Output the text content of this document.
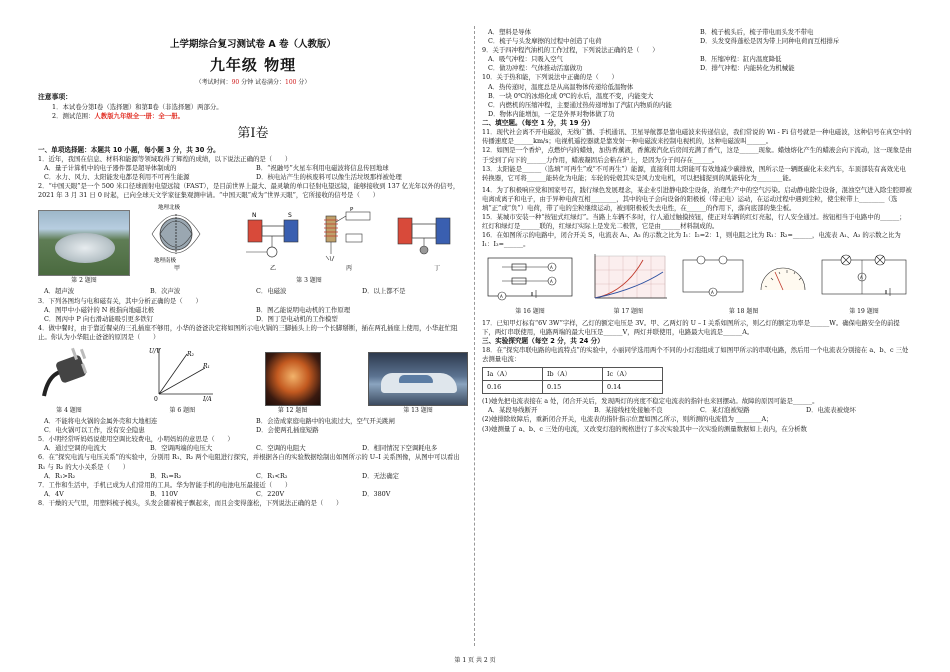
上学期综合复习测试卷 A 卷（人教版）
九年级 物理
（考试时间：90 分钟 试卷满分：100 分）
注意事项：
1．本试卷分第Ⅰ卷（选择题）和第Ⅱ卷（非选择题）两部分。
2．测试范围：人教版九年级全一册：全一册。
第Ⅰ卷
一、单项选择题：本题共 10 小题，每小题 3 分，共 30 分。
1．近年，我国在信息、材料和能源等领域取得了辉煌的成绩，以下说法正确的是（　　）
A．量子计算机中的电子器件都是超导体制成的	B．“祝融号”火星车利用电磁波将信息传回地球
C．水力、风力、太阳能发电都是利用不可再生能源	D．核电站产生的核废料可以像生活垃圾那样被处理
2．“中国天眼”是一个 500 米口径球面射电望远镜（FAST），是目前世界上最大、最灵敏的单口径射电望远镜，能够接收到 137 亿光年以外的信号，2021 年 3 月 31 日 0 时起，已向全球天文学家征集观测申请。“中国天眼”成为“世界天眼”，它所接收的信号是（　　）
第 2 题图
地理北极
地理南极
甲
N	S
乙
P
丙	丁
第 3 题图
A．超声波	B．次声波	C．电磁波	D．以上都不是
3．下列各图均与电和磁有关，其中分析正确的是（　　）
A．图甲中小磁针的 N 极指向地磁北极	B．图乙能说明电动机的工作原理
C．图丙中 P 向右滑动能吸引更多铁钉	D．图丁是电动机的工作模型
4．做中餐时，由于靠近餐桌的三孔插座不够用，小华的爸爸决定将如图所示电火锅的三脚插头上的一个长脚掰断，插在两孔插座上使用，小华赶忙阻止。你认为小华阻止爸爸的原因是（　　）
第 4 题图
U/V
I/A
R₂
R₁
0
第 6 题图	第 12 题图	第 13 题图
A．不能将电火锅的金属外壳和大地相连	B．会造成家庭电路中的电流过大，空气开关跳闸
C．电火锅可以工作，没有安全隐患	D．会使两孔插座短路
5．小明经常听妈妈说使用空调比较费电，小明妈妈的意思是（　　）
A．通过空调的电流大	B．空调两端的电压大	C．空调的电阻大	D．相同情况下空调耗电多
6．在“探究电流与电压关系”的实验中，分别用 R₁、R₂ 两个电阻进行探究，并根据各自的实验数据绘制出如图所示的 U–I 关系图像，从图中可以看出 R₁ 与 R₂ 的大小关系是（　　）
A．R₁>R₂	B．R₁=R₂	C．R₁<R₂	D．无法确定
7．工作和生活中，手机已成为人们常用的工具。华为智能手机的电池电压最接近（　　）
A．4V	B．110V	C．220V	D．380V
8．干燥的天气里，用塑料梳子梳头，头发会随着梳子飘起来，而且会变得蓬松，下列说法正确的是（　　）
A．塑料是导体	B．梳子梳头后，梳子带电而头发不带电
C．梳子与头发摩擦的过程中创造了电荷	D．头发变得蓬松是因为带上同种电荷而互相排斥
9．关于四冲程汽油机的工作过程，下列说法正确的是（　　）
A．吸气冲程：只吸入空气	B．压缩冲程：缸内温度降低
C．做功冲程：气体推动活塞做功	D．排气冲程：内能转化为机械能
10．关于热和能，下列说法中正确的是（　　）
A．热传递时，温度总是从高温物体传递给低温物体
B．一块 0℃的冰熔化成 0℃的水后，温度不变，内能变大
C．内燃机的压缩冲程，主要通过热传递增加了汽缸内物质的内能
D．物体内能增加，一定是外界对物体做了功
二、填空题。（每空 1 分，共 19 分）
11．现代社会离不开电磁波，无线广播、手机通讯、卫星导航都是靠电磁波来传递信息，我们常说的 Wi - Fi 信号就是一种电磁波，这种信号在真空中的传播速度是______km/s；电视机遥控器就是靠发射一种电磁波来控制电视机的，这种电磁波叫______。
12．如图是一个香炉，点燃炉内的蜡烛，加热香薰液，香薰液汽化后房间充满了香气，这是______现象。蜡烛熔化产生的蜡液会向下流动，这一现象是由于受到了向下的______力作用，蜡液凝固后会粘在炉上，是因为分子间存在______。
13．太阳能是______（选填“可再生”或“不可再生”）能源，直接利用太阳能可有效地减少碳排放，图所示是一辆既碳化未来汽车，车顶部装有高效光电转换器，它可将______能转化为电能；车轮的轮毂其实是风力发电机，可以把捕捉到的风能转化为________能。
14．为了积极响应党和国家号召，践行绿色发展理念，某企业引进静电除尘设备，治理生产中的空气污染。启动静电除尘设备，混浊空气进入除尘腔即被电离成离子和电子，由于异种电荷互相________，其中的电子会向设备的阳极板（带正电）运动，在运动过程中遇到尘粒，使尘粒带上________（选填“正”或“负”）电荷，带了电的尘粒继续运动，被到阳极板失去电性，在______的作用下，落向底部的集尘板。
15．某城市安装一种“按钮式红绿灯”。当路上车辆不多时，行人通过触摸按钮，使正对车辆的红灯亮起，行人安全通过。按钮相当于电路中的______；红灯和绿灯是______联的，红绿灯实际上是发光二极管，它是由______材料制成的。
16．在如图所示的电路中，闭合开关 S，电流表 A₁、A₂ 的示数之比为 I₁：I₂=2：1，则电阻之比为 R₁：R₂=______，电流表 A₁、A₃ 的示数之比为 I₁：I₃=______。
A
A
A
第 16 题图	第 17 题图
A
第 18 题图
A
第 19 题图
17．已知甲灯标有“6V 3W”字样，乙灯的额定电压是 3V。甲、乙两灯的 U – I 关系如图所示，则乙灯的额定功率是______W。确保电路安全的前提下，两灯串联使用，电路两端的最大电压是______V，两灯并联使用，电路最大电流是______A。
三、实验探究题（每空 2 分，共 24 分）
18．在“探究串联电路的电流特点”的实验中，小丽同学选用两个不同的小灯泡组成了如图甲所示的串联电路，然后用一个电流表分别接在 a、b、c 三处去测量电流：
Ia（A）	Ib（A）	Ic（A）
0.16	0.15	0.14
(1)她先把电流表接在 a 处，闭合开关后，发现两灯的亮度不稳定电流表的指针也来回摆动。故障的原因可能是______。
A．某段导线断开	B．某接线柱处接触不良	C．某灯泡被短路	D．电流表被烧坏
(2)她排除故障后，重新闭合开关，电流表的指针指示位置如图乙所示，则所测的电流值为 ________A；
(3)她测量了 a、b、c 三处的电流，又改变灯泡的规格进行了多次实验其中一次实验的测量数据如上表内，在分析数
第 1 页 共 2 页
